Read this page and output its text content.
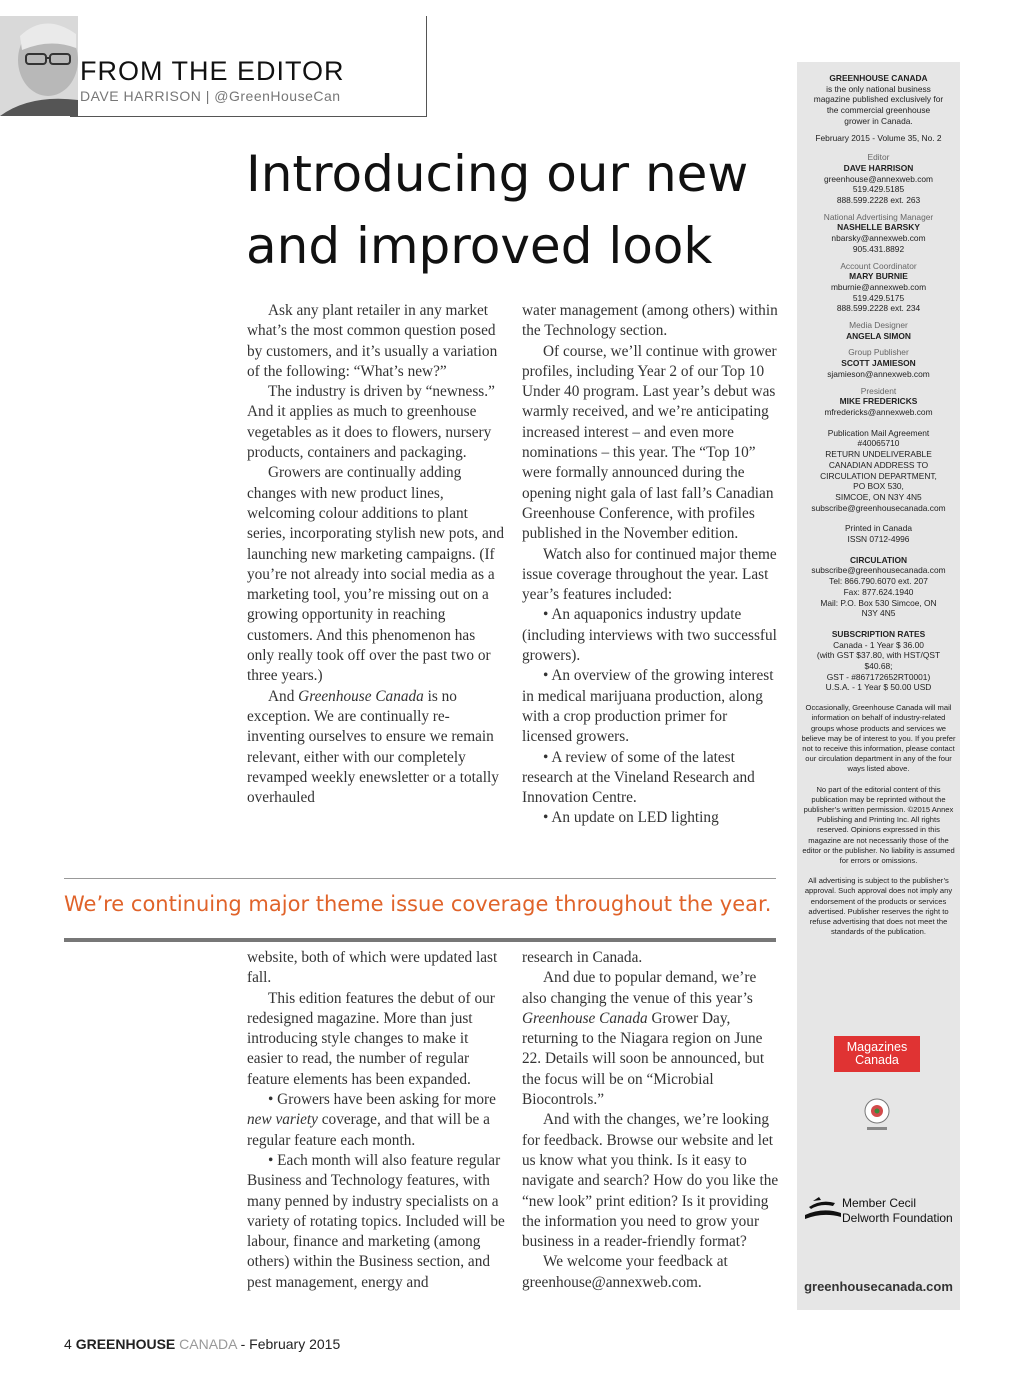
FROM THE EDITOR
DAVE HARRISON | @GreenHouseCan
Introducing our new
and improved look

Ask any plant retailer in any market what’s the most common question posed by customers, and it’s usually a variation of the following: “What’s new?”

The industry is driven by “newness.” And it applies as much to greenhouse vegetables as it does to flowers, nursery products, containers and packaging.

Growers are continually adding changes with new product lines, welcoming colour additions to plant series, incorporating stylish new pots, and launching new marketing campaigns. (If you’re not already into social media as a marketing tool, you’re missing out on a growing opportunity in reaching customers. And this phenomenon has only really took off over the past two or three years.)

And Greenhouse Canada is no exception. We are continually re-inventing ourselves to ensure we remain relevant, either with our completely revamped weekly enewsletter or a totally overhauled

water management (among others) within the Technology section.

Of course, we’ll continue with grower profiles, including Year 2 of our Top 10 Under 40 program. Last year’s debut was warmly received, and we’re anticipating increased interest – and even more nominations – this year. The “Top 10” were formally announced during the opening night gala of last fall’s Canadian Greenhouse Conference, with profiles published in the November edition.

Watch also for continued major theme issue coverage throughout the year. Last year’s features included:

• An aquaponics industry update (including interviews with two successful growers).

• An overview of the growing interest in medical marijuana production, along with a crop production primer for licensed growers.

• A review of some of the latest research at the Vineland Research and Innovation Centre.

• An update on LED lighting

We’re continuing major theme issue coverage throughout the year.

website, both of which were updated last fall.

This edition features the debut of our redesigned magazine. More than just introducing style changes to make it easier to read, the number of regular feature elements has been expanded.

• Growers have been asking for more new variety coverage, and that will be a regular feature each month.

• Each month will also feature regular Business and Technology features, with many penned by industry specialists on a variety of rotating topics. Included will be labour, finance and marketing (among others) within the Business section, and pest management, energy and

research in Canada.

And due to popular demand, we’re also changing the venue of this year’s Greenhouse Canada Grower Day, returning to the Niagara region on June 22. Details will soon be announced, but the focus will be on “Microbial Biocontrols.”

And with the changes, we’re looking for feedback. Browse our website and let us know what you think. Is it easy to navigate and search? How do you like the “new look” print edition? Is it providing the information you need to grow your business in a reader-friendly format?

We welcome your feedback at greenhouse@annexweb.com.

4 GREENHOUSE CANADA - February 2015
GREENHOUSE CANADA
is the only national business magazine published exclusively for the commercial greenhouse grower in Canada.
February 2015 - Volume 35, No. 2
Editor
DAVE HARRISON
greenhouse@annexweb.com
519.429.5185
888.599.2228 ext. 263
National Advertising Manager
NASHELLE BARSKY
nbarsky@annexweb.com
905.431.8892
Account Coordinator
MARY BURNIE
mburnie@annexweb.com
519.429.5175
888.599.2228 ext. 234
Media Designer
ANGELA SIMON
Group Publisher
SCOTT JAMIESON
sjamieson@annexweb.com
President
MIKE FREDERICKS
mfredericks@annexweb.com
Publication Mail Agreement
#40065710
RETURN UNDELIVERABLE
CANADIAN ADDRESS TO
CIRCULATION DEPARTMENT,
PO BOX 530,
SIMCOE, ON N3Y 4N5
subscribe@greenhousecanada.com
Printed in Canada
ISSN 0712-4996
CIRCULATION
subscribe@greenhousecanada.com
Tel: 866.790.6070 ext. 207
Fax: 877.624.1940
Mail: P.O. Box 530 Simcoe, ON
N3Y 4N5
SUBSCRIPTION RATES
Canada - 1 Year $ 36.00
(with GST $37.80, with HST/QST
$40.68;
GST - #867172652RT0001)
U.S.A. - 1 Year $ 50.00 USD
Occasionally, Greenhouse Canada will mail information on behalf of industry-related groups whose products and services we believe may be of interest to you. If you prefer not to receive this information, please contact our circulation department in any of the four ways listed above.
No part of the editorial content of this publication may be reprinted without the publisher’s written permission. ©2015 Annex Publishing and Printing Inc. All rights reserved. Opinions expressed in this magazine are not necessarily those of the editor or the publisher. No liability is assumed for errors or omissions.
All advertising is subject to the publisher’s approval. Such approval does not imply any endorsement of the products or services advertised. Publisher reserves the right to refuse advertising that does not meet the standards of the publication.
Magazines
Canada
Member Cecil
Delworth Foundation
greenhousecanada.com
